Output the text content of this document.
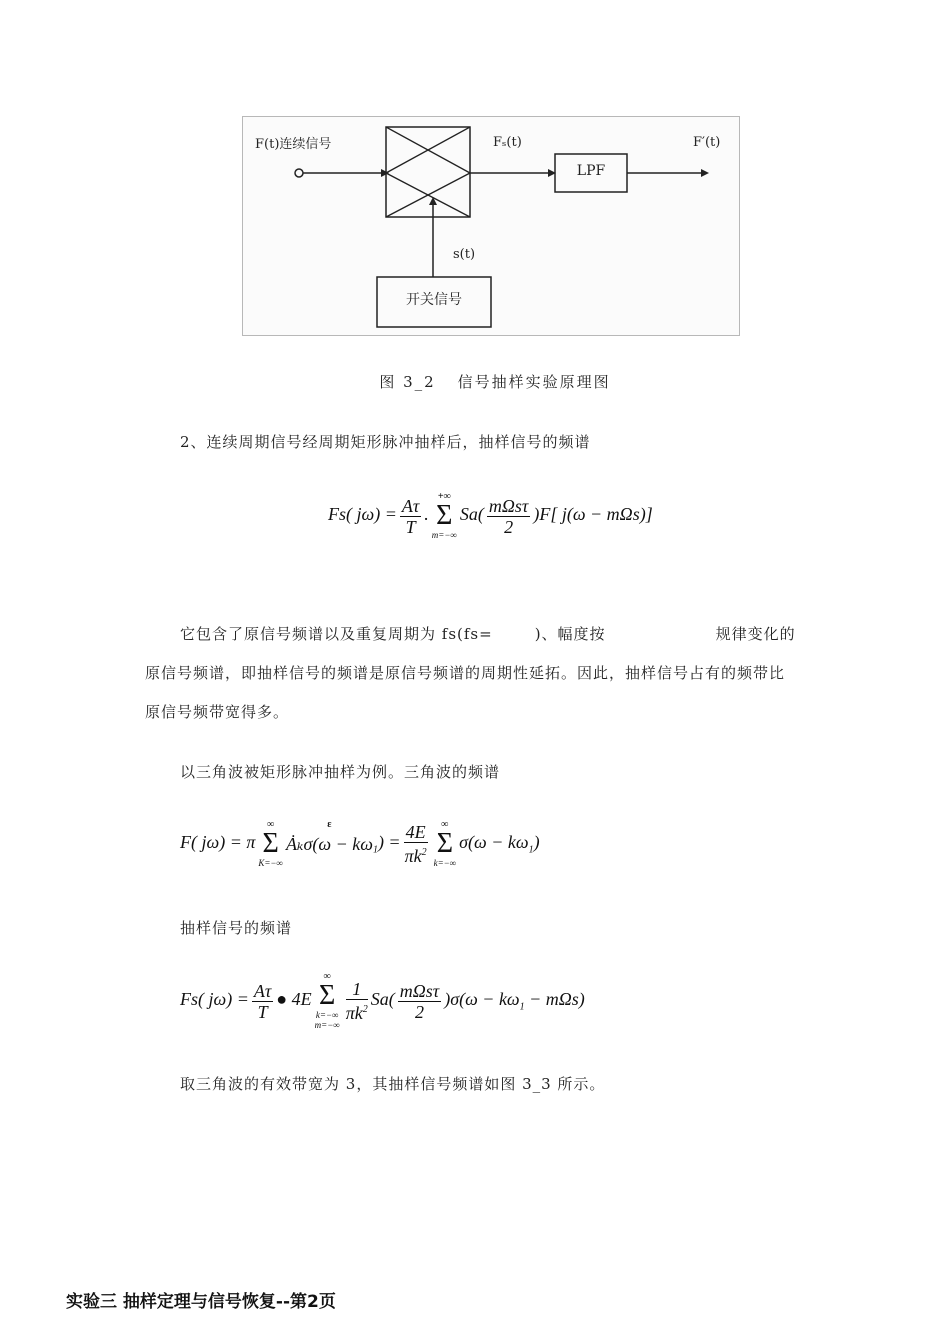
F(t)连续信号	Fₛ(t)	F′(t)
LPF
s(t)
开关信号
图 3_2 信号抽样实验原理图
2、连续周期信号经周期矩形脉冲抽样后，抽样信号的频谱
Fs( $j\omega) = \frac{A\tau}{T}$ .
+∞
Σ
m=−∞
$Sa( \frac{\text{mΩsτ}}{2} )F$[ j(ω − mΩs)]
它包含了原信号频谱以及重复周期为 fs(fs=	)、幅度按	规律变化的
原信号频谱，即抽样信号的频谱是原信号频谱的周期性延拓。因此，抽样信号占有的频带比
原信号频带宽得多。
以三角波被矩形脉冲抽样为例。三角波的频谱
F( jω) = π
∞
Σ
K=−∞
ε
Ȧₖσ(ω − kω
$_1) = \frac{4E}{\pi k^2}$	∞
Σ
k=−∞
$\sigma(\omega - k\omega_1)$
抽样信号的频谱
Fs( $j\omega) = \frac{A\tau}{T}$ ● 4E
∞
Σ
k=−∞
m=−∞
$\frac{1}{\pi k^2} Sa( \frac{\text{mΩsτ}}{2} )\sigma(\omega - k\omega_1 - m\Omega s)$
取三角波的有效带宽为 3，其抽样信号频谱如图 3_3 所示。
实验三 抽样定理与信号恢复--第2页
